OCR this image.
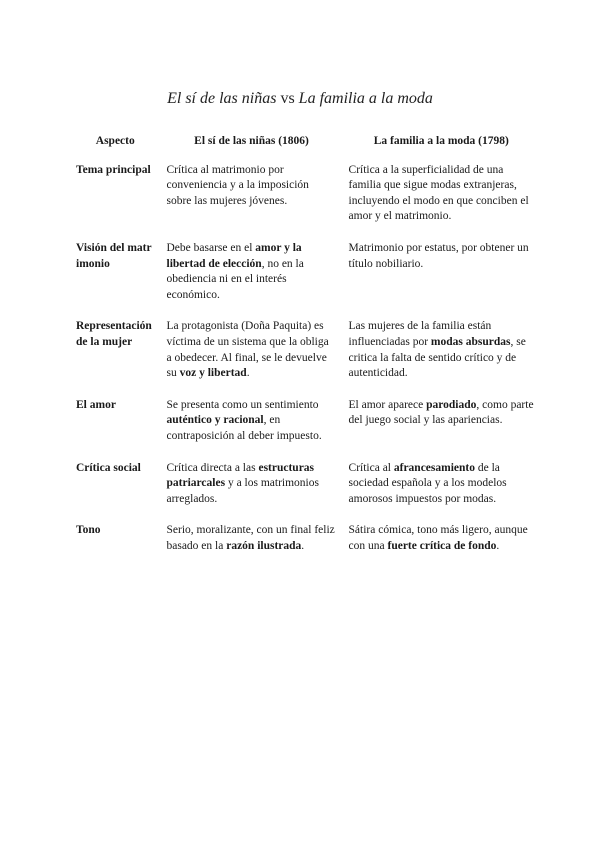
El sí de las niñas vs La familia a la moda
Aspecto	El sí de las niñas (1806)	La familia a la moda (1798)
Tema principal	Crítica al matrimonio por conveniencia y a la imposición sobre las mujeres jóvenes.	Crítica a la superficialidad de una familia que sigue modas extranjeras, incluyendo el modo en que conciben el amor y el matrimonio.
Visión del matrimonio	Debe basarse en el amor y la libertad de elección, no en la obediencia ni en el interés económico.	Matrimonio por estatus, por obtener un título nobiliario.
Representación de la mujer	La protagonista (Doña Paquita) es víctima de un sistema que la obliga a obedecer. Al final, se le devuelve su voz y libertad.	Las mujeres de la familia están influenciadas por modas absurdas, se critica la falta de sentido crítico y de autenticidad.
El amor	Se presenta como un sentimiento auténtico y racional, en contraposición al deber impuesto.	El amor aparece parodiado, como parte del juego social y las apariencias.
Crítica social	Crítica directa a las estructuras patriarcales y a los matrimonios arreglados.	Crítica al afrancesamiento de la sociedad española y a los modelos amorosos impuestos por modas.
Tono	Serio, moralizante, con un final feliz basado en la razón ilustrada.	Sátira cómica, tono más ligero, aunque con una fuerte crítica de fondo.
